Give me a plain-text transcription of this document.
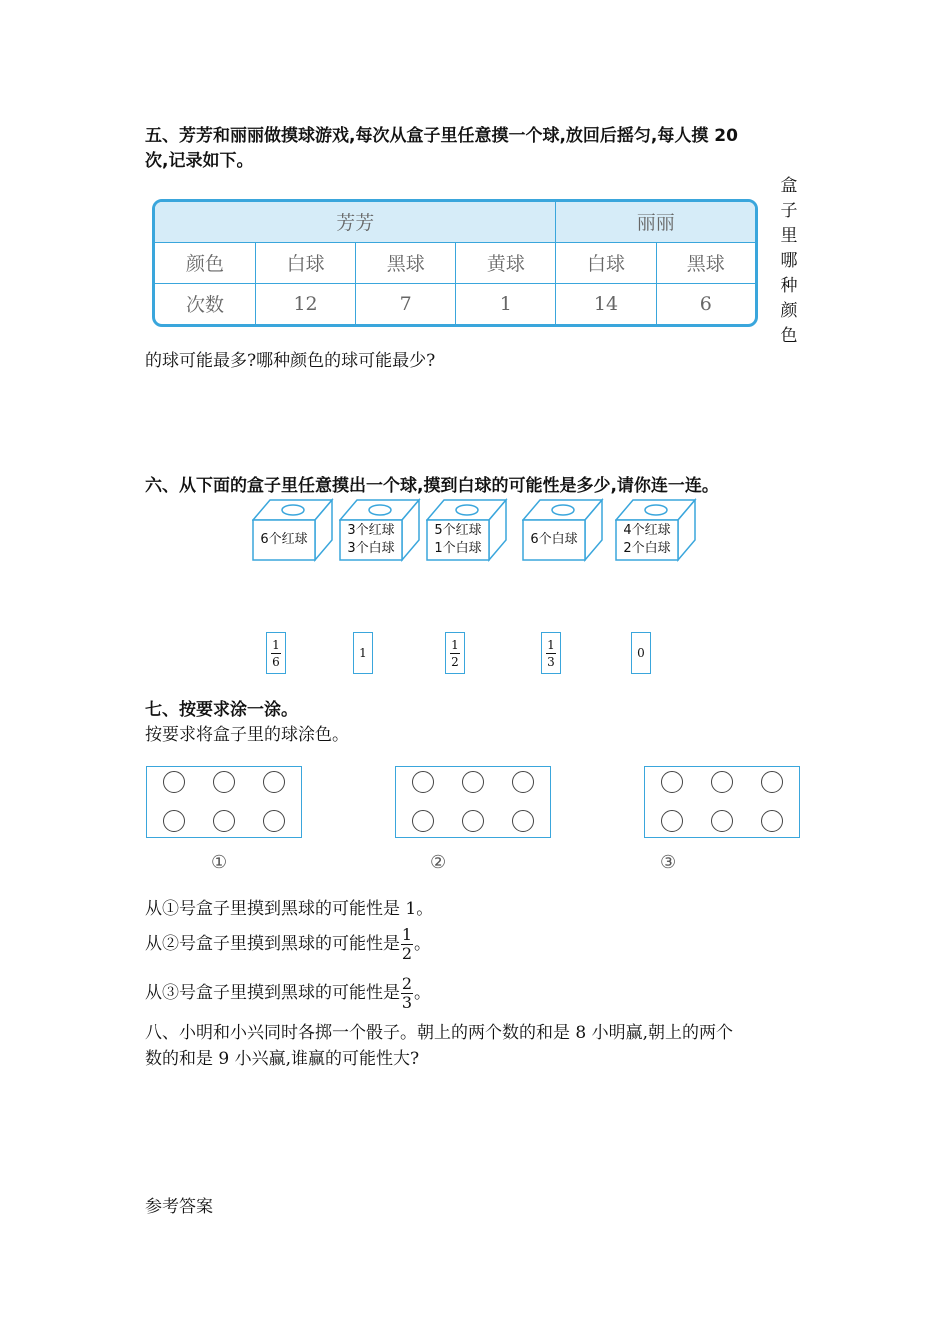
五、芳芳和丽丽做摸球游戏,每次从盒子里任意摸一个球,放回后摇匀,每人摸 20
次,记录如下。
芳芳				丽丽	
颜色	白球	黑球	黄球	白球	黑球
次数	12	7	1	14	6
盒
子
里
哪
种
颜
色
的球可能最多?哪种颜色的球可能最少?
六、从下面的盒子里任意摸出一个球,摸到白球的可能性是多少,请你连一连。
6个红球
3个红球
3个白球
5个红球
1个白球
6个白球
4个红球
2个白球
1
6
1
1
2
1
3
0
七、按要求涂一涂。
按要求将盒子里的球涂色。
①	②	③
从①号盒子里摸到黑球的可能性是 1。
从②号盒子里摸到黑球的可能性是 $\frac{1}{2}$ 。
从③号盒子里摸到黑球的可能性是 $\frac{2}{3}$ 。
八、小明和小兴同时各掷一个骰子。朝上的两个数的和是 8 小明赢,朝上的两个
数的和是 9 小兴赢,谁赢的可能性大?
参考答案
